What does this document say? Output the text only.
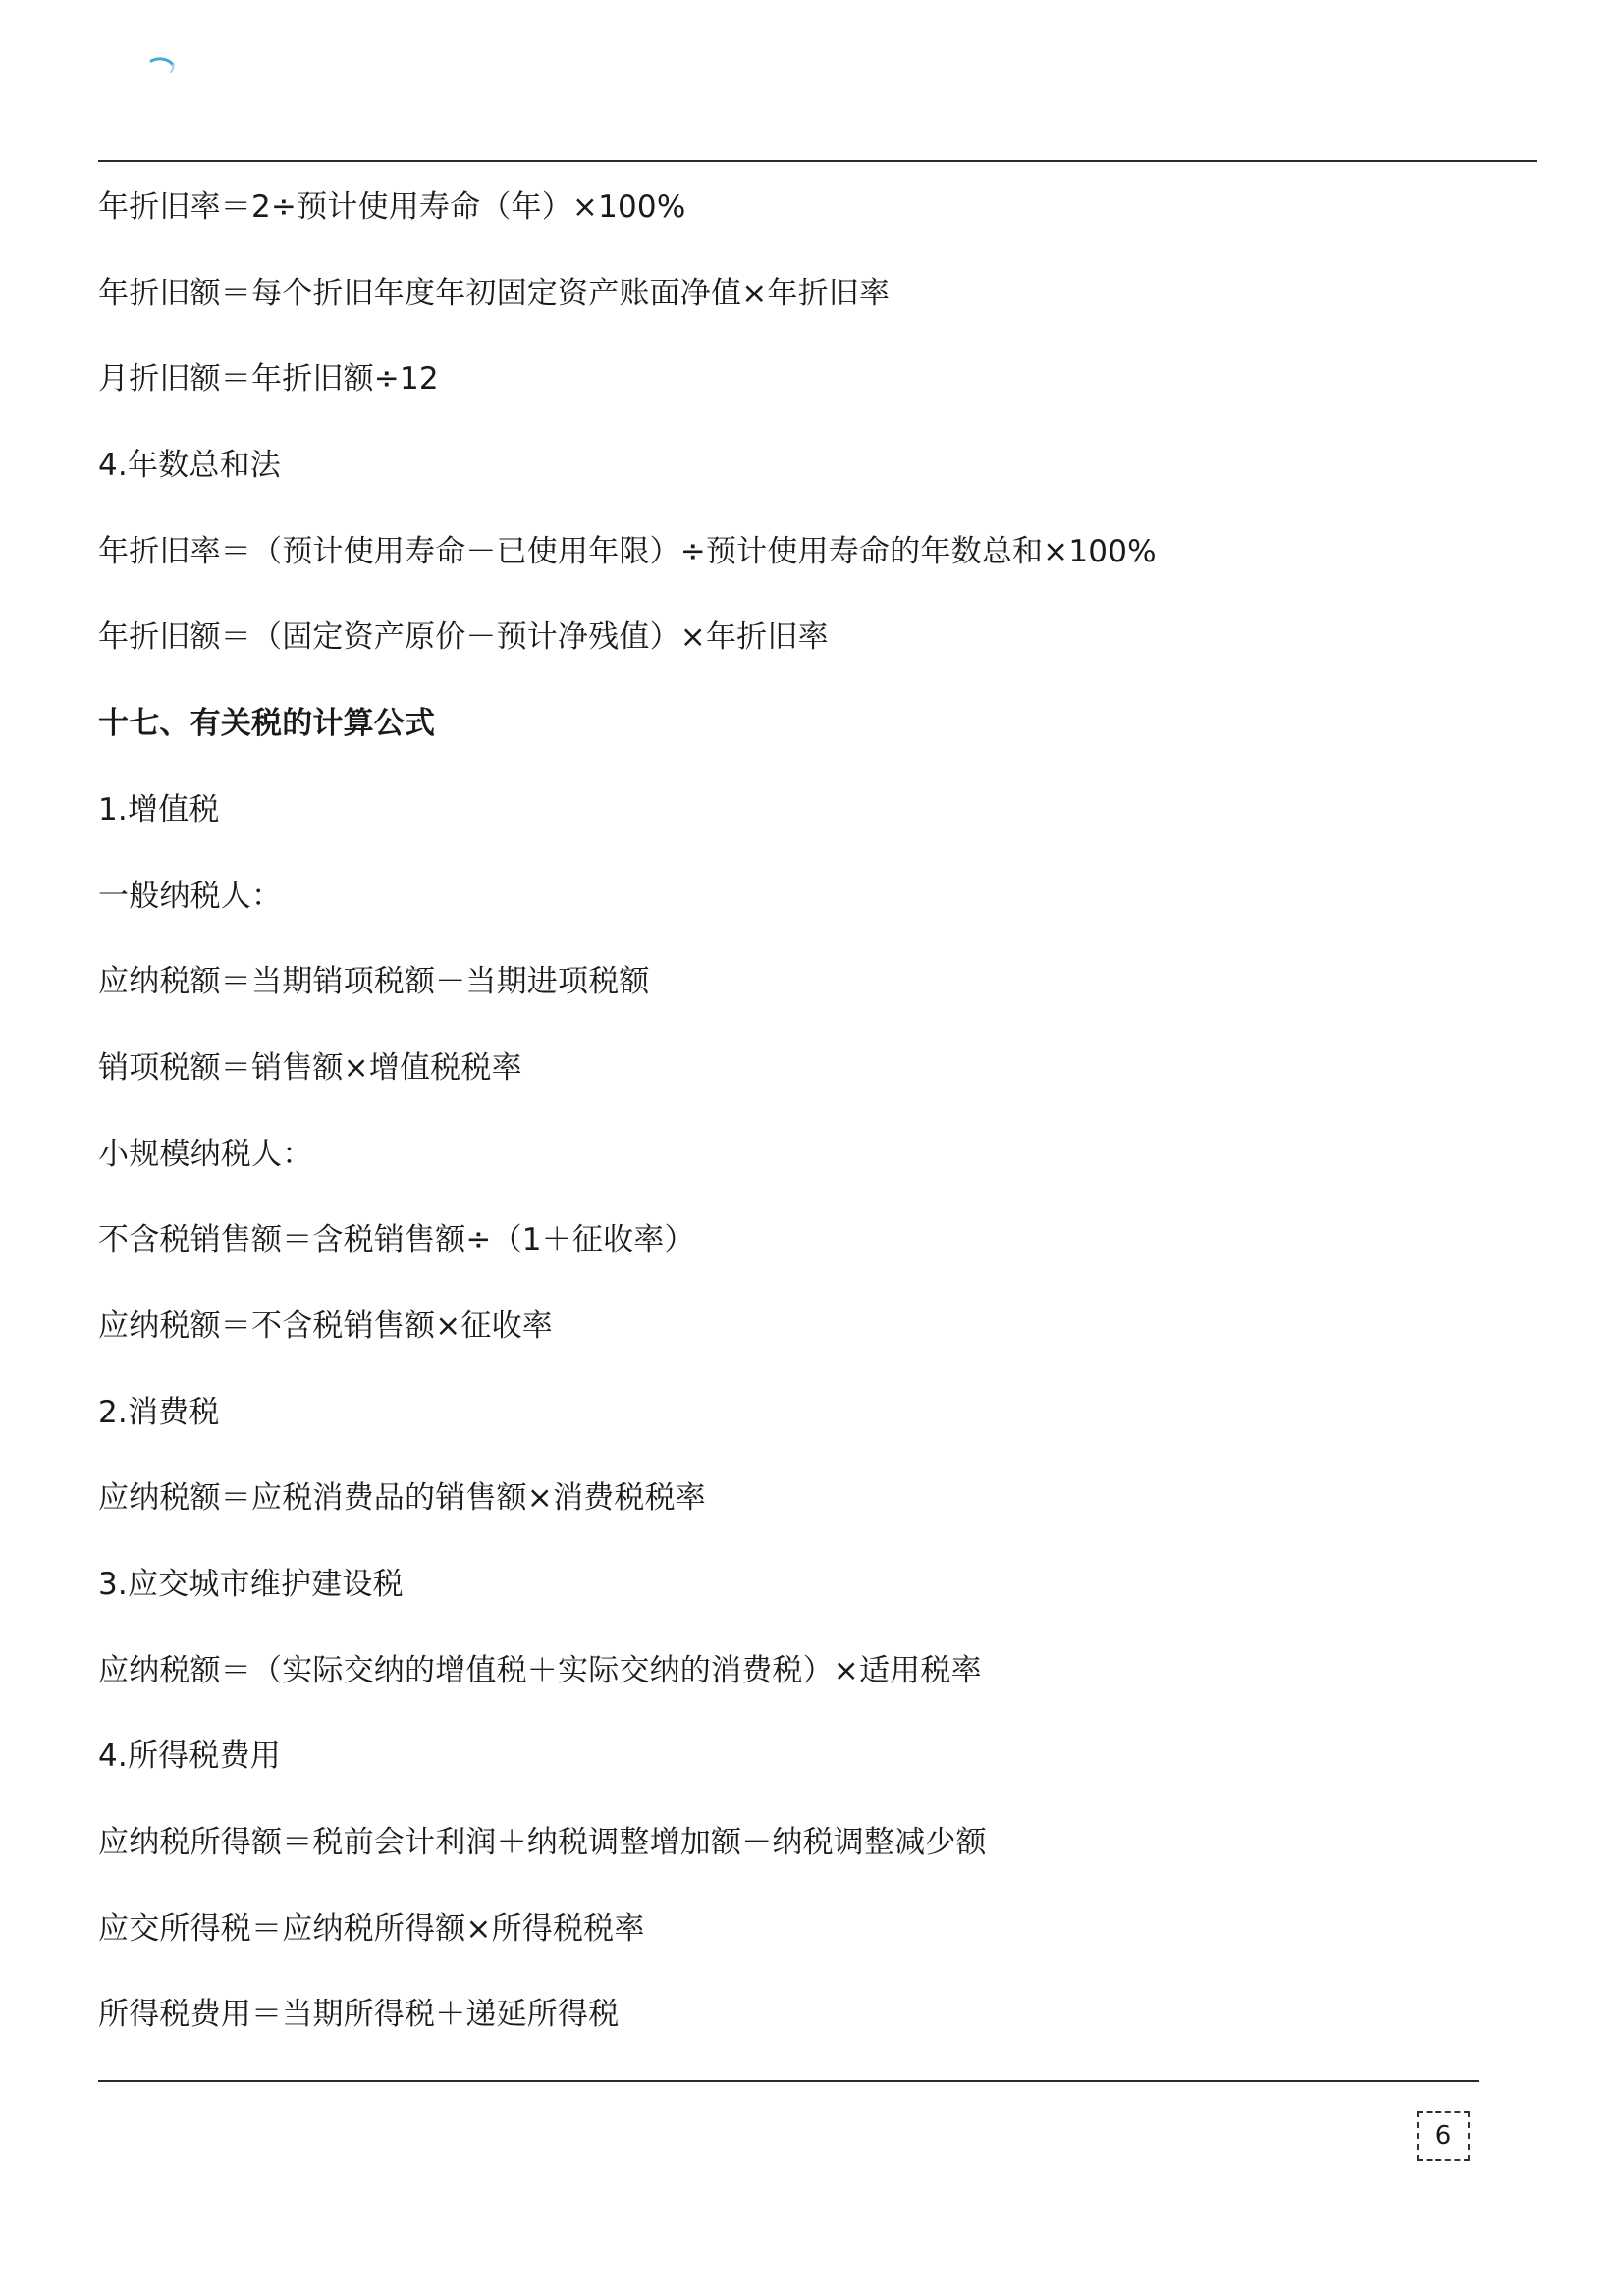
年折旧率＝2÷预计使用寿命（年）×100%
年折旧额＝每个折旧年度年初固定资产账面净值×年折旧率
月折旧额＝年折旧额÷12
4.年数总和法
年折旧率＝（预计使用寿命－已使用年限）÷预计使用寿命的年数总和×100%
年折旧额＝（固定资产原价－预计净残值）×年折旧率
十七、有关税的计算公式
1.增值税
一般纳税人：
应纳税额＝当期销项税额－当期进项税额
销项税额＝销售额×增值税税率
小规模纳税人：
不含税销售额＝含税销售额÷（1＋征收率）
应纳税额＝不含税销售额×征收率
2.消费税
应纳税额＝应税消费品的销售额×消费税税率
3.应交城市维护建设税
应纳税额＝（实际交纳的增值税＋实际交纳的消费税）×适用税率
4.所得税费用
应纳税所得额＝税前会计利润＋纳税调整增加额－纳税调整减少额
应交所得税＝应纳税所得额×所得税税率
所得税费用＝当期所得税＋递延所得税
6
